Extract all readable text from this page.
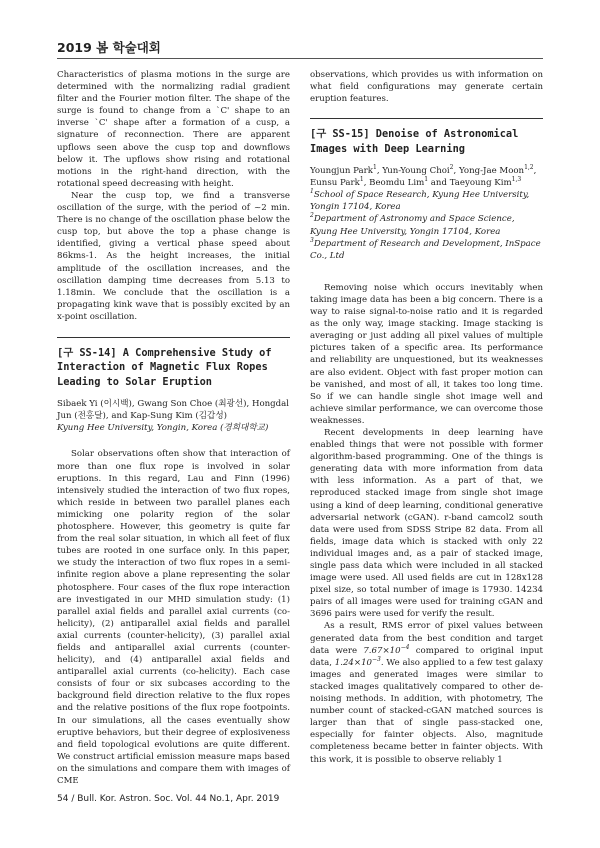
2019 봄 학술대회

Characteristics of plasma motions in the surge are determined with the normalizing radial gradient filter and the Fourier motion filter. The shape of the surge is found to change from a `C' shape to an inverse `C' shape after a formation of a cusp, a signature of reconnection. There are apparent upflows seen above the cusp top and downflows below it. The upflows show rising and rotational motions in the right-hand direction, with the rotational speed decreasing with height.

Near the cusp top, we find a transverse oscillation of the surge, with the period of ~2 min. There is no change of the oscillation phase below the cusp top, but above the top a phase change is identified, giving a vertical phase speed about 86kms-1. As the height increases, the initial amplitude of the oscillation increases, and the oscillation damping time decreases from 5.13 to 1.18min. We conclude that the oscillation is a propagating kink wave that is possibly excited by an x-point oscillation.

[구 SS-14] A Comprehensive Study of Interaction of Magnetic Flux Ropes Leading to Solar Eruption
Sibaek Yi (이시백), Gwang Son Choe (최광선), Hongdal Jun (전홍달), and Kap-Sung Kim (김갑성)
Kyung Hee University, Yongin, Korea (경희대학교)

Solar observations often show that interaction of more than one flux rope is involved in solar eruptions. In this regard, Lau and Finn (1996) intensively studied the interaction of two flux ropes, which reside in between two parallel planes each mimicking one polarity region of the solar photosphere. However, this geometry is quite far from the real solar situation, in which all feet of flux tubes are rooted in one surface only. In this paper, we study the interaction of two flux ropes in a semi-infinite region above a plane representing the solar photosphere. Four cases of the flux rope interaction are investigated in our MHD simulation study: (1) parallel axial fields and parallel axial currents (co-helicity), (2) antiparallel axial fields and parallel axial currents (counter-helicity), (3) parallel axial fields and antiparallel axial currents (counter-helicity), and (4) antiparallel axial fields and antiparallel axial currents (co-helicity). Each case consists of four or six subcases according to the background field direction relative to the flux ropes and the relative positions of the flux rope footpoints. In our simulations, all the cases eventually show eruptive behaviors, but their degree of explosiveness and field topological evolutions are quite different. We construct artificial emission measure maps based on the simulations and compare them with images of CME

observations, which provides us with information on what field configurations may generate certain eruption features.

[구 SS-15] Denoise of Astronomical Images with Deep Learning
Youngjun Park$^1$, Yun-Young Choi$^2$, Yong-Jae Moon$^{1,2}$, Eunsu Park$^1$, Beomdu Lim$^1$ and Taeyoung Kim$^{1,3}$
$^1$School of Space Research, Kyung Hee University, Yongin 17104, Korea
$^2$Department of Astronomy and Space Science, Kyung Hee University, Yongin 17104, Korea
$^3$Department of Research and Development, InSpace Co., Ltd

Removing noise which occurs inevitably when taking image data has been a big concern. There is a way to raise signal-to-noise ratio and it is regarded as the only way, image stacking. Image stacking is averaging or just adding all pixel values of multiple pictures taken of a specific area. Its performance and reliability are unquestioned, but its weaknesses are also evident. Object with fast proper motion can be vanished, and most of all, it takes too long time. So if we can handle single shot image well and achieve similar performance, we can overcome those weaknesses.

Recent developments in deep learning have enabled things that were not possible with former algorithm-based programming. One of the things is generating data with more information from data with less information. As a part of that, we reproduced stacked image from single shot image using a kind of deep learning, conditional generative adversarial network (cGAN). r-band camcol2 south data were used from SDSS Stripe 82 data. From all fields, image data which is stacked with only 22 individual images and, as a pair of stacked image, single pass data which were included in all stacked image were used. All used fields are cut in 128x128 pixel size, so total number of image is 17930. 14234 pairs of all images were used for training cGAN and 3696 pairs were used for verify the result.

As a result, RMS error of pixel values between generated data from the best condition and target data were $7.67\times 10^{-4}$ compared to original input data, $1.24\times 10^{-3}$. We also applied to a few test galaxy images and generated images were similar to stacked images qualitatively compared to other de-noising methods. In addition, with photometry, The number count of stacked-cGAN matched sources is larger than that of single pass-stacked one, especially for fainter objects. Also, magnitude completeness became better in fainter objects. With this work, it is possible to observe reliably 1

54 / Bull. Kor. Astron. Soc. Vol. 44 No.1, Apr. 2019
